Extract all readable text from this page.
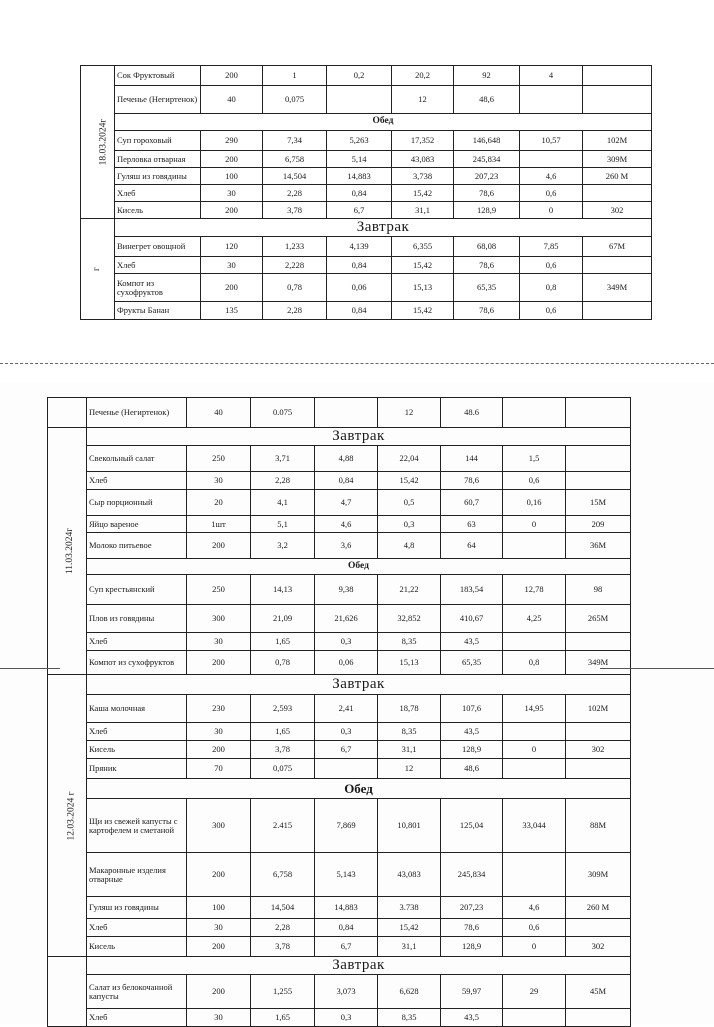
18.03.2024г	Сок Фруктовый	200	1	0,2	20,2	92	4	
	Печенье (Негиртенок)	40	0,075		12	48,6		
	Обед							
	Суп гороховый	290	7,34	5,263	17,352	146,648	10,57	102М
	Перловка отварная	200	6,758	5,14	43,083	245,834		309М
	Гуляш из говядины	100	14,504	14,883	3,738	207,23	4,6	260 М
	Хлеб	30	2,28	0,84	15,42	78,6	0,6	
	Кисель	200	3,78	6,7	31,1	128,9	0	302
г	Завтрак							
	Винегрет овощной	120	1,233	4,139	6,355	68,08	7,85	67М
	Хлеб	30	2,228	0,84	15,42	78,6	0,6	
	Компот из сухофруктов	200	0,78	0,06	15,13	65,35	0,8	349М
	Фрукты Банан	135	2,28	0,84	15,42	78,6	0,6	
	Печенье (Негиртенок)	40	0.075		12	48.6		
11.03.2024г	Завтрак							
	Свекольный салат	250	3,71	4,88	22,04	144	1,5	
	Хлеб	30	2,28	0,84	15,42	78,6	0,6	
	Сыр порционный	20	4,1	4,7	0,5	60,7	0,16	15М
	Яйцо вареное	1шт	5,1	4,6	0,3	63	0	209
	Молоко питьевое	200	3,2	3,6	4,8	64		36М
	Обед							
	Суп крестьянский	250	14,13	9,38	21,22	183,54	12,78	98
	Плов из говядины	300	21,09	21,626	32,852	410,67	4,25	265М
	Хлеб	30	1,65	0,3	8,35	43,5		
	Компот из сухофруктов	200	0,78	0,06	15,13	65,35	0,8	349М
12.03.2024 г	Завтрак							
	Каша молочная	230	2,593	2,41	18,78	107,6	14,95	102М
	Хлеб	30	1,65	0,3	8,35	43,5		
	Кисель	200	3,78	6,7	31,1	128,9	0	302
	Пряник	70	0,075		12	48,6		
	Обед							
	Щи из свежей капусты с картофелем и сметаной	300	2.415	7,869	10,801	125,04	33,044	88М
	Макаронные изделия отварные	200	6,758	5,143	43,083	245,834		309М
	Гуляш из говядины	100	14,504	14,883	3.738	207,23	4,6	260 М
	Хлеб	30	2,28	0,84	15,42	78,6	0,6	
	Кисель	200	3,78	6,7	31,1	128,9	0	302
	Завтрак							
	Салат из белокочанной капусты	200	1,255	3,073	6,628	59,97	29	45М
	Хлеб	30	1,65	0,3	8,35	43,5		
